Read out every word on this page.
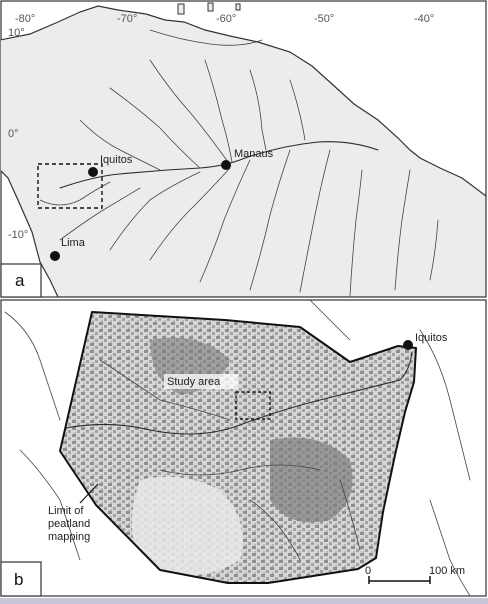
-80°	-70°	-60°	-50°	-40°
10°
0°
-10°
Iquitos	Manaus
Lima
a
Study area
Iquitos
Limit of
peatland
mapping
0	100 km
b
